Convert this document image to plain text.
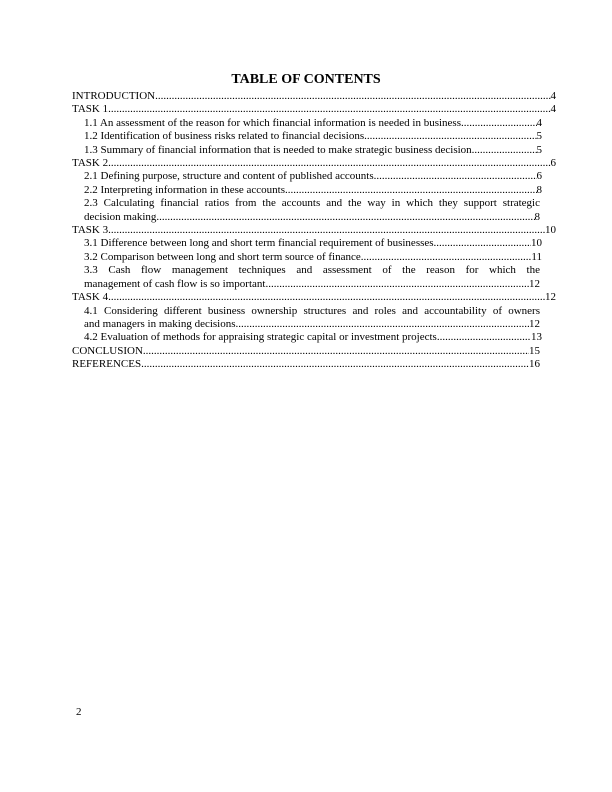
TABLE OF CONTENTS
INTRODUCTION .....	4
TASK 1 .....	4
1.1 An assessment of the reason for which financial information is needed in business .....	4
1.2 Identification of business risks related to financial decisions .....	5
1.3 Summary of financial information that is needed to make strategic business decision .....	5
TASK 2 .....	6
2.1 Defining purpose, structure and content of published accounts .....	6
2.2 Interpreting information in these accounts .....	8
2.3 Calculating financial ratios from the accounts and the way in which they support strategic
decision making .....	8
TASK 3 .....	10
3.1 Difference between long and short term financial requirement of businesses .....	10
3.2 Comparison between long and short term source of finance .....	11
3.3 Cash flow management techniques and assessment of the reason for which the
management of cash flow is so important .....	12
TASK 4 .....	12
4.1 Considering different business ownership structures and roles and accountability of owners
and managers in making decisions .....	12
4.2 Evaluation of methods for appraising strategic capital or investment projects .....	13
CONCLUSION .....	15
REFERENCES .....	16
2
